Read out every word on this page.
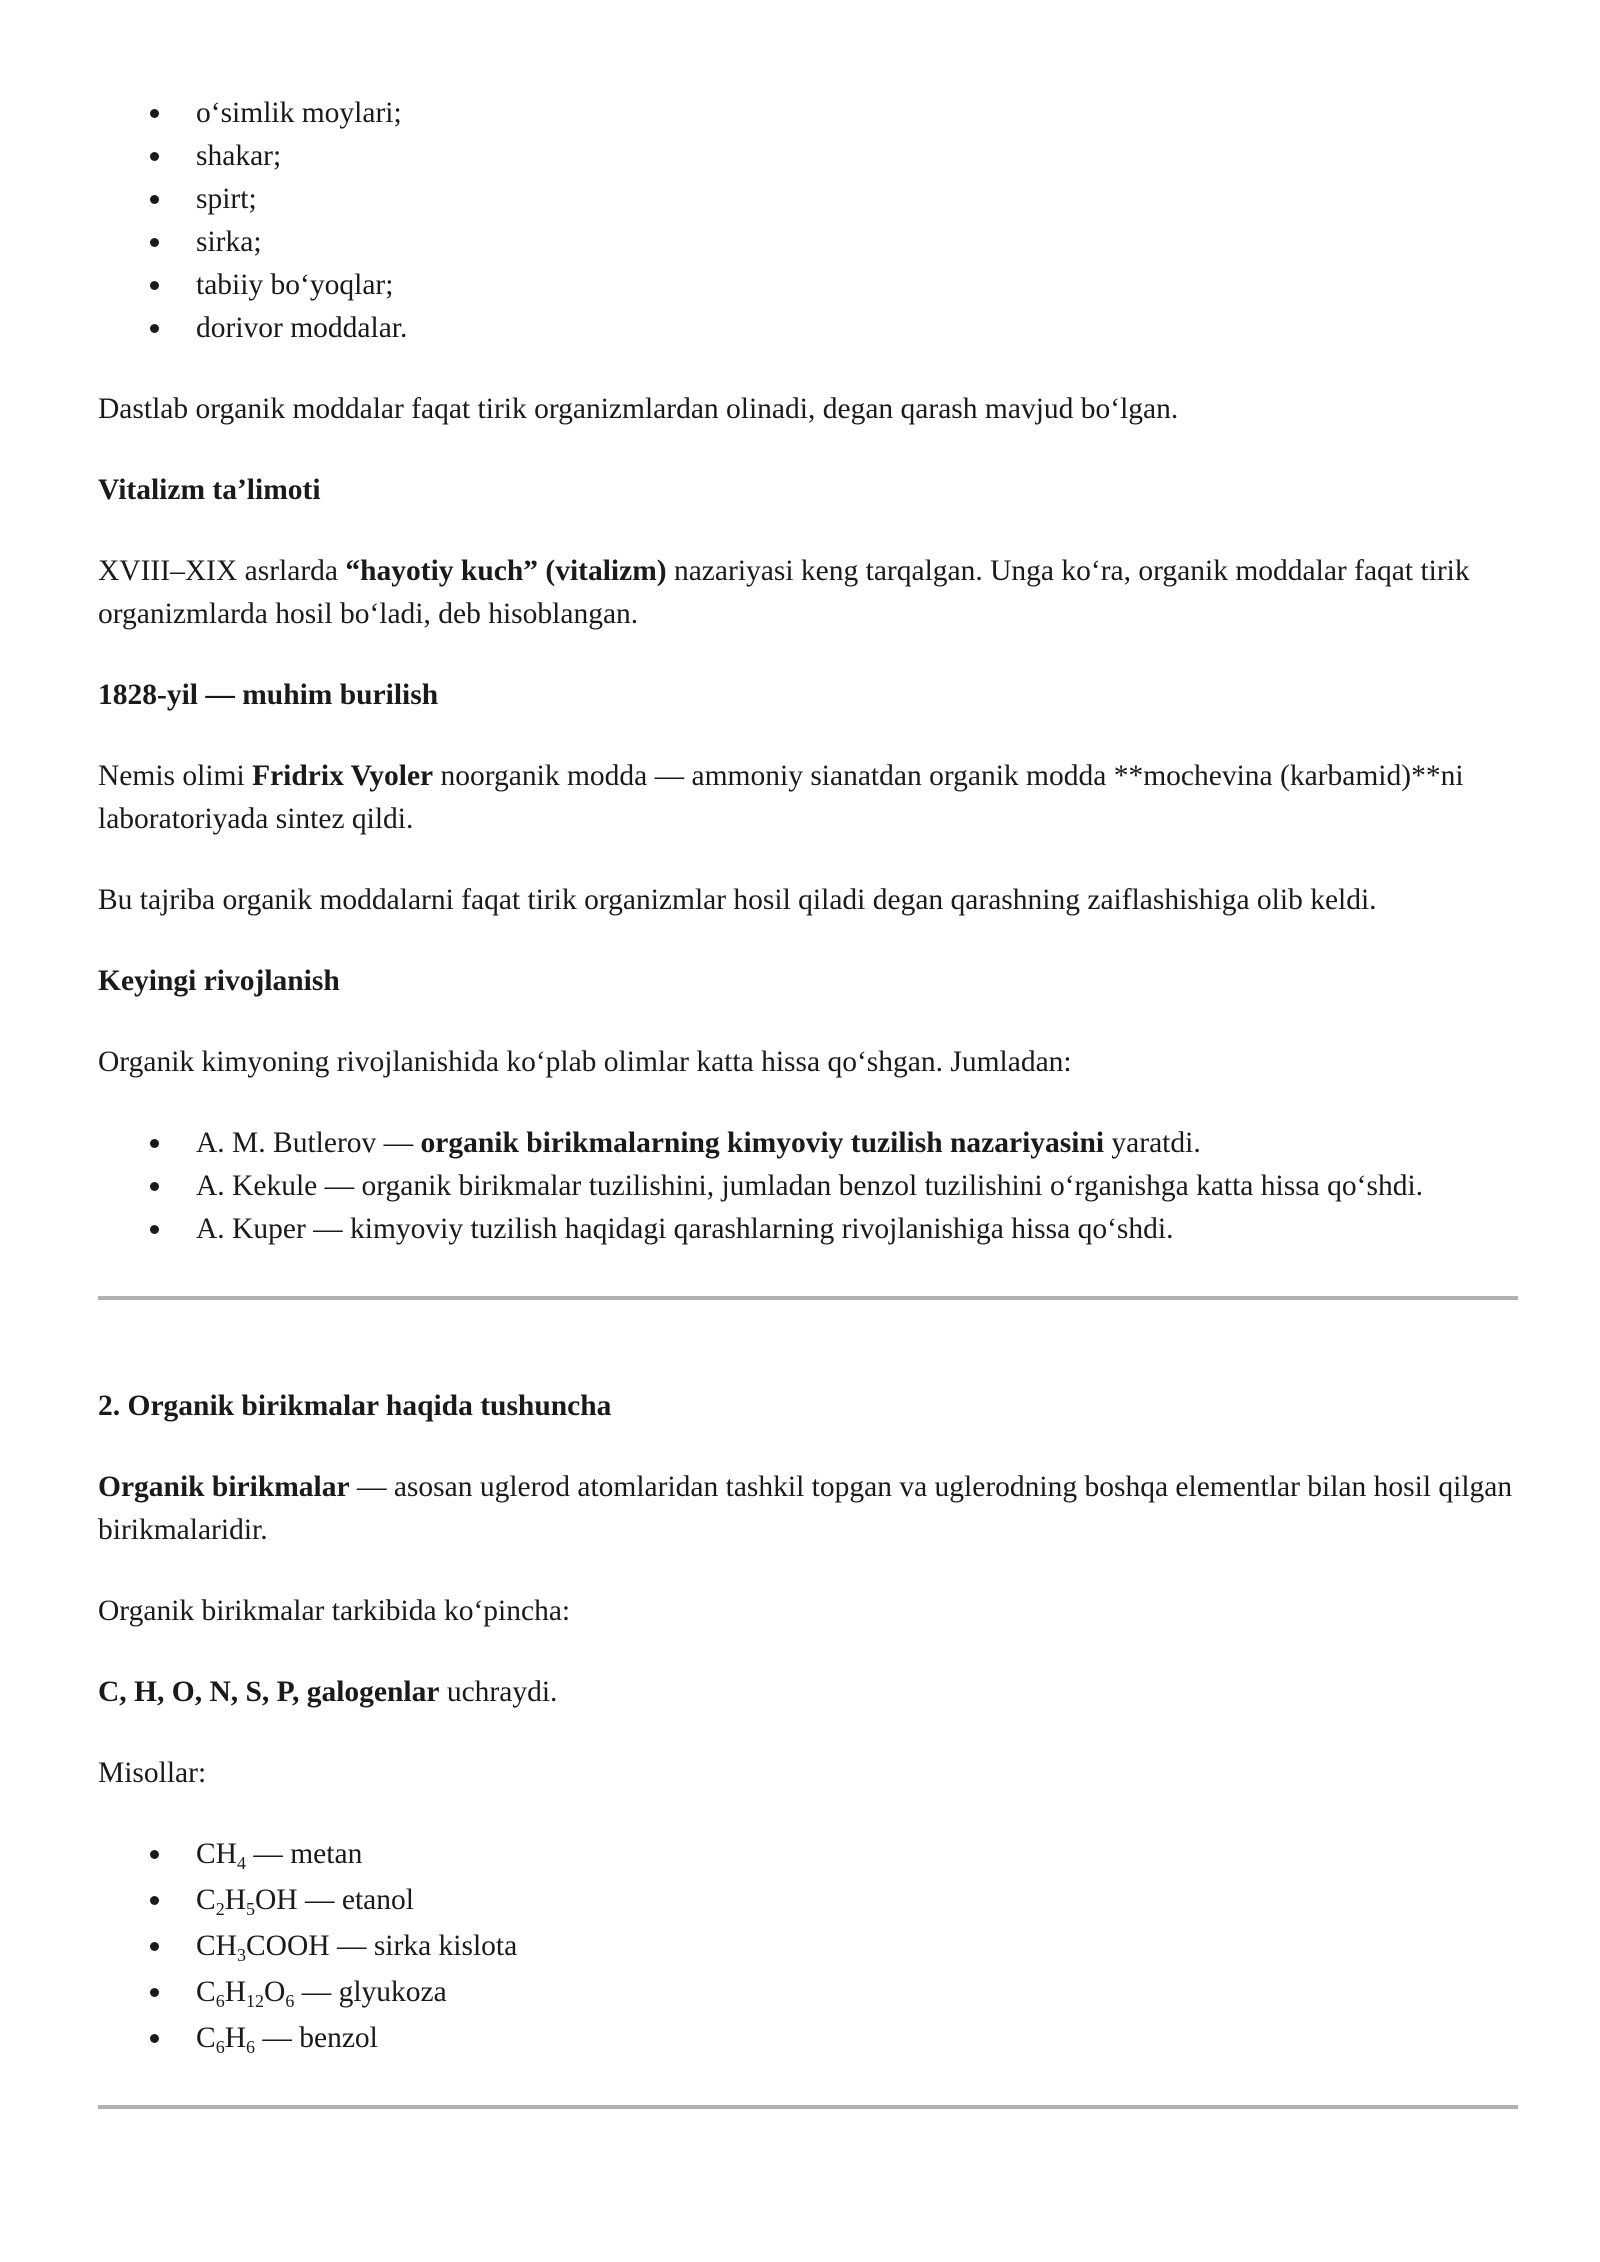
o‘simlik moylari;
shakar;
spirt;
sirka;
tabiiy bo‘yoqlar;
dorivor moddalar.

Dastlab organik moddalar faqat tirik organizmlardan olinadi, degan qarash mavjud bo‘lgan.

Vitalizm ta’limoti

XVIII–XIX asrlarda “hayotiy kuch” (vitalizm) nazariyasi keng tarqalgan. Unga ko‘ra, organik moddalar faqat tirik organizmlarda hosil bo‘ladi, deb hisoblangan.

1828-yil — muhim burilish

Nemis olimi Fridrix Vyoler noorganik modda — ammoniy sianatdan organik modda **mochevina (karbamid)**ni laboratoriyada sintez qildi.

Bu tajriba organik moddalarni faqat tirik organizmlar hosil qiladi degan qarashning zaiflashishiga olib keldi.

Keyingi rivojlanish

Organik kimyoning rivojlanishida ko‘plab olimlar katta hissa qo‘shgan. Jumladan:

A. M. Butlerov — organik birikmalarning kimyoviy tuzilish nazariyasini yaratdi.
A. Kekule — organik birikmalar tuzilishini, jumladan benzol tuzilishini o‘rganishga katta hissa qo‘shdi.
A. Kuper — kimyoviy tuzilish haqidagi qarashlarning rivojlanishiga hissa qo‘shdi.

2. Organik birikmalar haqida tushuncha

Organik birikmalar — asosan uglerod atomlaridan tashkil topgan va uglerodning boshqa elementlar bilan hosil qilgan birikmalaridir.

Organik birikmalar tarkibida ko‘pincha:

C, H, O, N, S, P, galogenlar uchraydi.

Misollar:

$CH_4$ — metan
$C_2H_5OH$ — etanol
$CH_3COOH$ — sirka kislota
$C_6H_{12}O_6$ — glyukoza
$C_6H_6$ — benzol
